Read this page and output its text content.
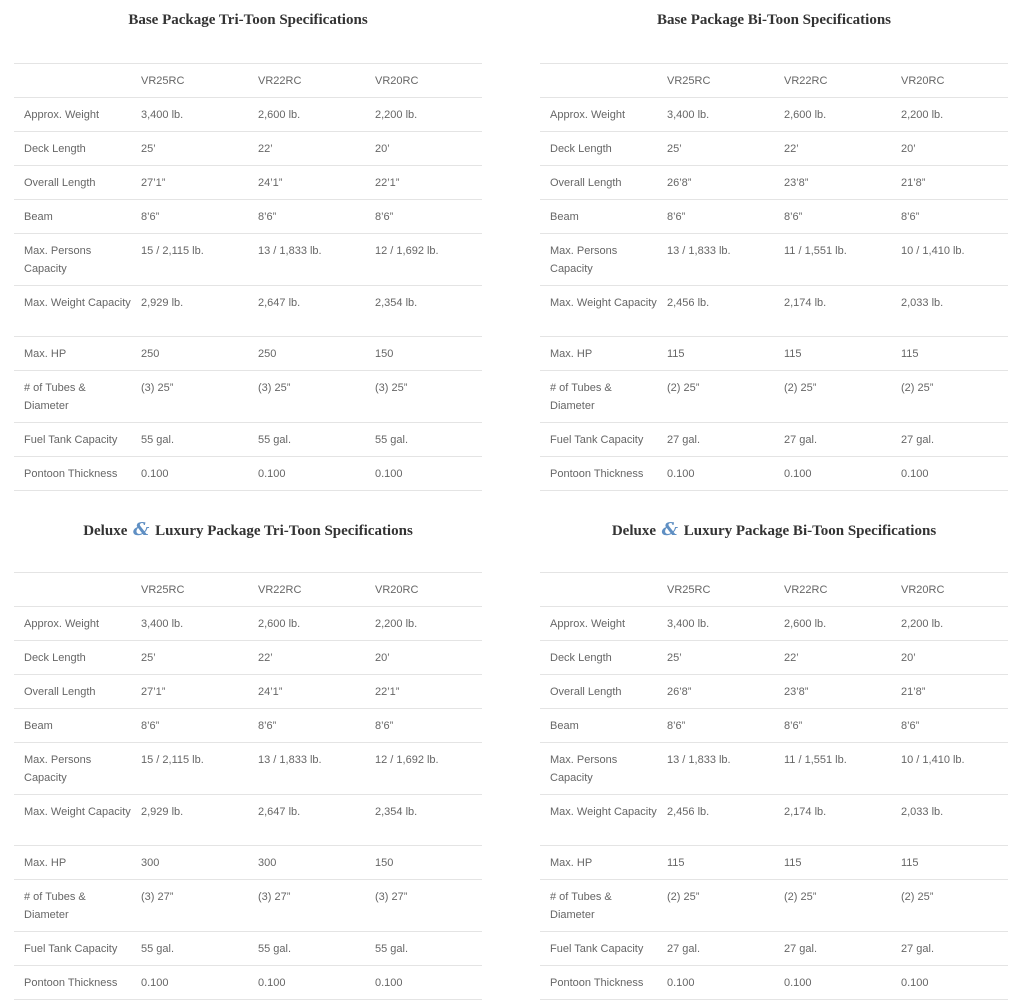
Base Package Tri-Toon Specifications
	VR25RC	VR22RC	VR20RC
Approx. Weight	3,400 lb.	2,600 lb.	2,200 lb.
Deck Length	25’	22’	20’
Overall Length	27’1”	24’1”	22’1”
Beam	8’6”	8’6”	8’6”
Max. Persons Capacity	15 / 2,115 lb.	13 / 1,833 lb.	12 / 1,692 lb.
Max. Weight Capacity	2,929 lb.	2,647 lb.	2,354 lb.
Max. HP	250	250	150
# of Tubes & Diameter	(3) 25”	(3) 25”	(3) 25”
Fuel Tank Capacity	55 gal.	55 gal.	55 gal.
Pontoon Thickness	0.100	0.100	0.100
Base Package Bi-Toon Specifications
	VR25RC	VR22RC	VR20RC
Approx. Weight	3,400 lb.	2,600 lb.	2,200 lb.
Deck Length	25’	22’	20’
Overall Length	26’8”	23’8”	21’8”
Beam	8’6”	8’6”	8’6”
Max. Persons Capacity	13 / 1,833 lb.	11 / 1,551 lb.	10 / 1,410 lb.
Max. Weight Capacity	2,456 lb.	2,174 lb.	2,033 lb.
Max. HP	115	115	115
# of Tubes & Diameter	(2) 25”	(2) 25”	(2) 25”
Fuel Tank Capacity	27 gal.	27 gal.	27 gal.
Pontoon Thickness	0.100	0.100	0.100
Deluxe & Luxury Package Tri-Toon Specifications
	VR25RC	VR22RC	VR20RC
Approx. Weight	3,400 lb.	2,600 lb.	2,200 lb.
Deck Length	25’	22’	20’
Overall Length	27’1”	24’1”	22’1”
Beam	8’6”	8’6”	8’6”
Max. Persons Capacity	15 / 2,115 lb.	13 / 1,833 lb.	12 / 1,692 lb.
Max. Weight Capacity	2,929 lb.	2,647 lb.	2,354 lb.
Max. HP	300	300	150
# of Tubes & Diameter	(3) 27”	(3) 27”	(3) 27”
Fuel Tank Capacity	55 gal.	55 gal.	55 gal.
Pontoon Thickness	0.100	0.100	0.100
Deluxe & Luxury Package Bi-Toon Specifications
	VR25RC	VR22RC	VR20RC
Approx. Weight	3,400 lb.	2,600 lb.	2,200 lb.
Deck Length	25’	22’	20’
Overall Length	26’8”	23’8”	21’8”
Beam	8’6”	8’6”	8’6”
Max. Persons Capacity	13 / 1,833 lb.	11 / 1,551 lb.	10 / 1,410 lb.
Max. Weight Capacity	2,456 lb.	2,174 lb.	2,033 lb.
Max. HP	115	115	115
# of Tubes & Diameter	(2) 25”	(2) 25”	(2) 25”
Fuel Tank Capacity	27 gal.	27 gal.	27 gal.
Pontoon Thickness	0.100	0.100	0.100
